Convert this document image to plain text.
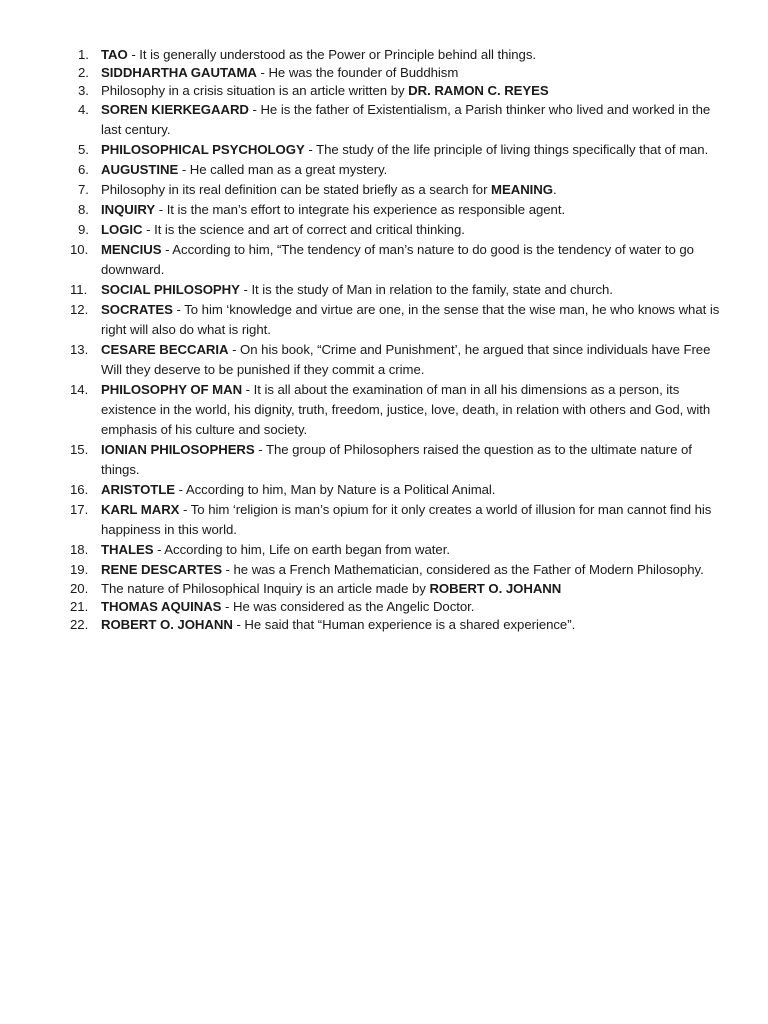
1. TAO - It is generally understood as the Power or Principle behind all things.
2. SIDDHARTHA GAUTAMA - He was the founder of Buddhism
3. Philosophy in a crisis situation is an article written by DR. RAMON C. REYES
4. SOREN KIERKEGAARD - He is the father of Existentialism, a Parish thinker who lived and worked in the last century.
5. PHILOSOPHICAL PSYCHOLOGY - The study of the life principle of living things specifically that of man.
6. AUGUSTINE - He called man as a great mystery.
7. Philosophy in its real definition can be stated briefly as a search for MEANING.
8. INQUIRY - It is the man’s effort to integrate his experience as responsible agent.
9. LOGIC - It is the science and art of correct and critical thinking.
10. MENCIUS - According to him, “The tendency of man’s nature to do good is the tendency of water to go downward.
11. SOCIAL PHILOSOPHY - It is the study of Man in relation to the family, state and church.
12. SOCRATES - To him ‘knowledge and virtue are one, in the sense that the wise man, he who knows what is right will also do what is right.
13. CESARE BECCARIA - On his book, “Crime and Punishment’, he argued that since individuals have Free Will they deserve to be punished if they commit a crime.
14. PHILOSOPHY OF MAN - It is all about the examination of man in all his dimensions as a person, its existence in the world, his dignity, truth, freedom, justice, love, death, in relation with others and God, with emphasis of his culture and society.
15. IONIAN PHILOSOPHERS - The group of Philosophers raised the question as to the ultimate nature of things.
16. ARISTOTLE - According to him, Man by Nature is a Political Animal.
17. KARL MARX - To him ‘religion is man’s opium for it only creates a world of illusion for man cannot find his happiness in this world.
18. THALES - According to him, Life on earth began from water.
19. RENE DESCARTES - he was a French Mathematician, considered as the Father of Modern Philosophy.
20. The nature of Philosophical Inquiry is an article made by ROBERT O. JOHANN
21. THOMAS AQUINAS - He was considered as the Angelic Doctor.
22. ROBERT O. JOHANN - He said that “Human experience is a shared experience”.
